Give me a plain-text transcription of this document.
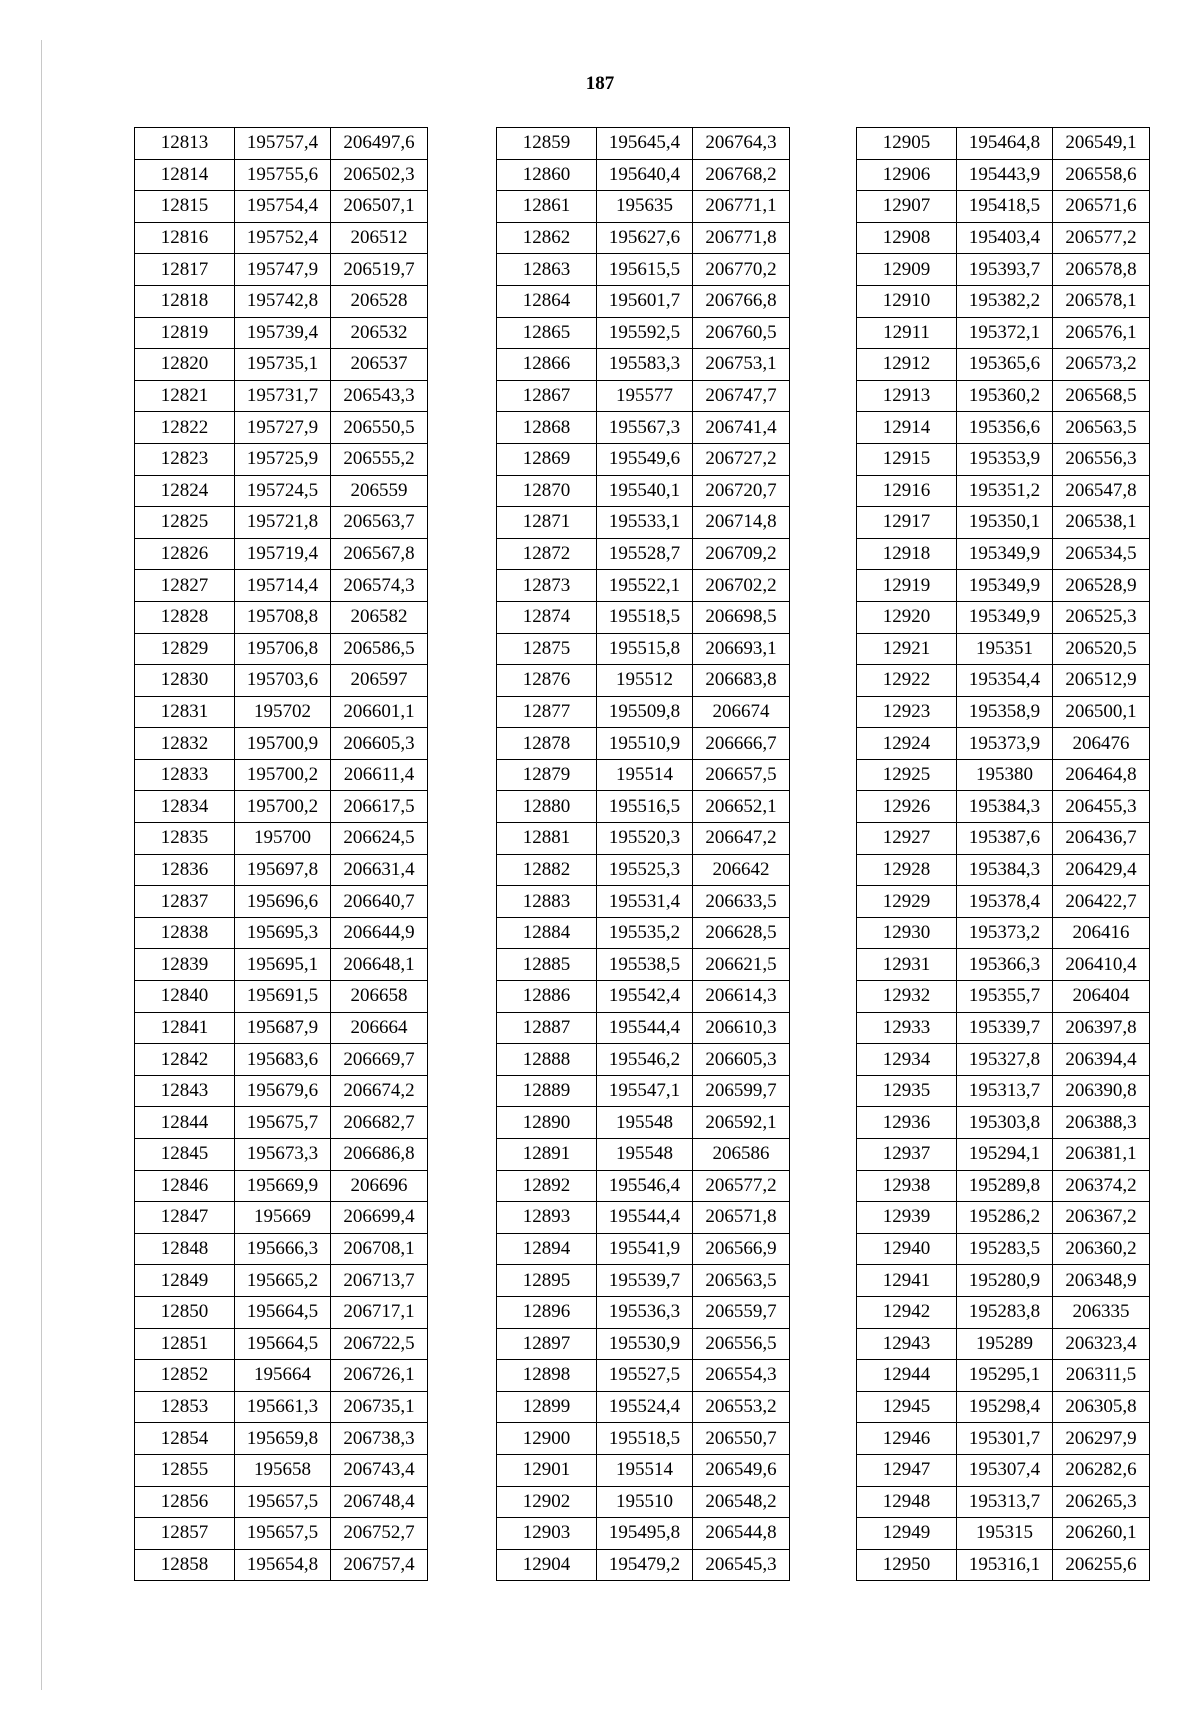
187
12813	195757,4	206497,6
12814	195755,6	206502,3
12815	195754,4	206507,1
12816	195752,4	206512
12817	195747,9	206519,7
12818	195742,8	206528
12819	195739,4	206532
12820	195735,1	206537
12821	195731,7	206543,3
12822	195727,9	206550,5
12823	195725,9	206555,2
12824	195724,5	206559
12825	195721,8	206563,7
12826	195719,4	206567,8
12827	195714,4	206574,3
12828	195708,8	206582
12829	195706,8	206586,5
12830	195703,6	206597
12831	195702	206601,1
12832	195700,9	206605,3
12833	195700,2	206611,4
12834	195700,2	206617,5
12835	195700	206624,5
12836	195697,8	206631,4
12837	195696,6	206640,7
12838	195695,3	206644,9
12839	195695,1	206648,1
12840	195691,5	206658
12841	195687,9	206664
12842	195683,6	206669,7
12843	195679,6	206674,2
12844	195675,7	206682,7
12845	195673,3	206686,8
12846	195669,9	206696
12847	195669	206699,4
12848	195666,3	206708,1
12849	195665,2	206713,7
12850	195664,5	206717,1
12851	195664,5	206722,5
12852	195664	206726,1
12853	195661,3	206735,1
12854	195659,8	206738,3
12855	195658	206743,4
12856	195657,5	206748,4
12857	195657,5	206752,7
12858	195654,8	206757,4
12859	195645,4	206764,3
12860	195640,4	206768,2
12861	195635	206771,1
12862	195627,6	206771,8
12863	195615,5	206770,2
12864	195601,7	206766,8
12865	195592,5	206760,5
12866	195583,3	206753,1
12867	195577	206747,7
12868	195567,3	206741,4
12869	195549,6	206727,2
12870	195540,1	206720,7
12871	195533,1	206714,8
12872	195528,7	206709,2
12873	195522,1	206702,2
12874	195518,5	206698,5
12875	195515,8	206693,1
12876	195512	206683,8
12877	195509,8	206674
12878	195510,9	206666,7
12879	195514	206657,5
12880	195516,5	206652,1
12881	195520,3	206647,2
12882	195525,3	206642
12883	195531,4	206633,5
12884	195535,2	206628,5
12885	195538,5	206621,5
12886	195542,4	206614,3
12887	195544,4	206610,3
12888	195546,2	206605,3
12889	195547,1	206599,7
12890	195548	206592,1
12891	195548	206586
12892	195546,4	206577,2
12893	195544,4	206571,8
12894	195541,9	206566,9
12895	195539,7	206563,5
12896	195536,3	206559,7
12897	195530,9	206556,5
12898	195527,5	206554,3
12899	195524,4	206553,2
12900	195518,5	206550,7
12901	195514	206549,6
12902	195510	206548,2
12903	195495,8	206544,8
12904	195479,2	206545,3
12905	195464,8	206549,1
12906	195443,9	206558,6
12907	195418,5	206571,6
12908	195403,4	206577,2
12909	195393,7	206578,8
12910	195382,2	206578,1
12911	195372,1	206576,1
12912	195365,6	206573,2
12913	195360,2	206568,5
12914	195356,6	206563,5
12915	195353,9	206556,3
12916	195351,2	206547,8
12917	195350,1	206538,1
12918	195349,9	206534,5
12919	195349,9	206528,9
12920	195349,9	206525,3
12921	195351	206520,5
12922	195354,4	206512,9
12923	195358,9	206500,1
12924	195373,9	206476
12925	195380	206464,8
12926	195384,3	206455,3
12927	195387,6	206436,7
12928	195384,3	206429,4
12929	195378,4	206422,7
12930	195373,2	206416
12931	195366,3	206410,4
12932	195355,7	206404
12933	195339,7	206397,8
12934	195327,8	206394,4
12935	195313,7	206390,8
12936	195303,8	206388,3
12937	195294,1	206381,1
12938	195289,8	206374,2
12939	195286,2	206367,2
12940	195283,5	206360,2
12941	195280,9	206348,9
12942	195283,8	206335
12943	195289	206323,4
12944	195295,1	206311,5
12945	195298,4	206305,8
12946	195301,7	206297,9
12947	195307,4	206282,6
12948	195313,7	206265,3
12949	195315	206260,1
12950	195316,1	206255,6
